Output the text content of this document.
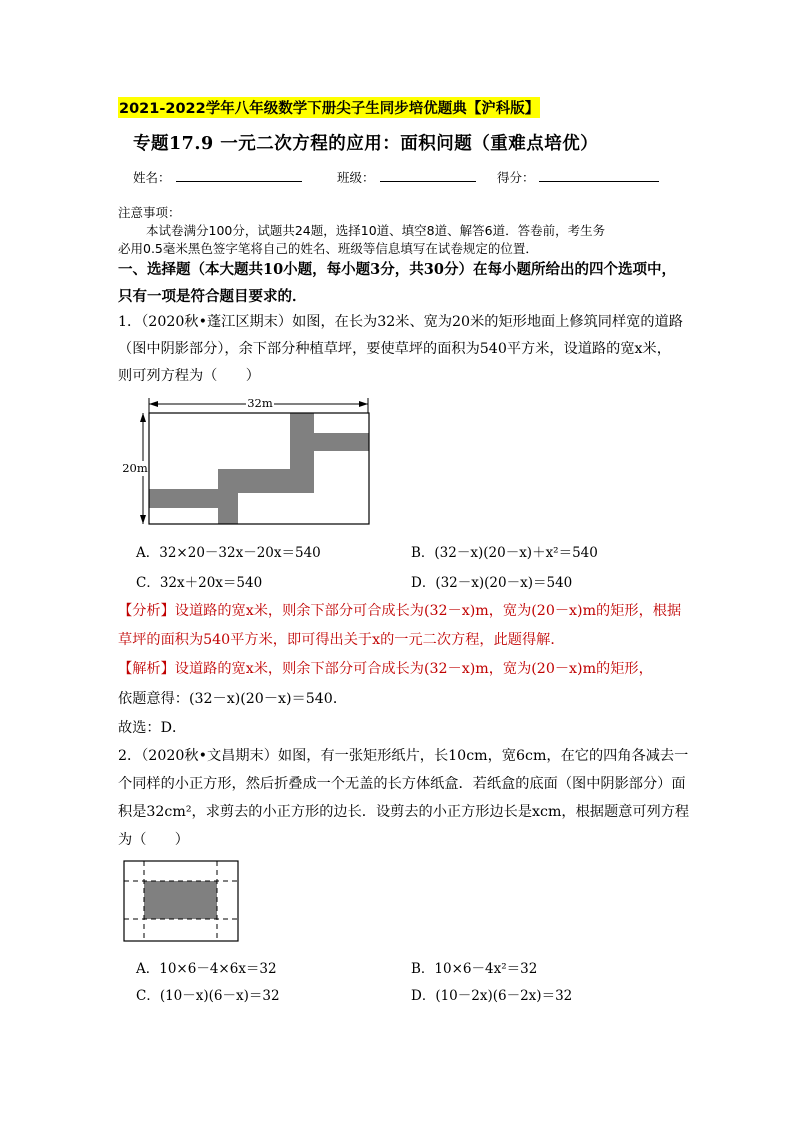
2021-2022学年八年级数学下册尖子生同步培优题典【沪科版】
专题17.9 一元二次方程的应用：面积问题（重难点培优）
姓名：	班级：	得分：
注意事项：
本试卷满分100分，试题共24题，选择10道、填空8道、解答6道．答卷前，考生务
必用0.5毫米黑色签字笔将自己的姓名、班级等信息填写在试卷规定的位置．
一、选择题（本大题共10小题，每小题3分，共30分）在每小题所给出的四个选项中，
只有一项是符合题目要求的．
1．（2020秋•蓬江区期末）如图，在长为32米、宽为20米的矩形地面上修筑同样宽的道路
（图中阴影部分），余下部分种植草坪，要使草坪的面积为540平方米，设道路的宽x米，
则可列方程为（　　）
32m
20m
A．32×20－32x－20x＝540	B．(32－x)(20－x)＋x²＝540
C．32x＋20x＝540	D．(32－x)(20－x)＝540
【分析】设道路的宽x米，则余下部分可合成长为(32－x)m，宽为(20－x)m的矩形，根据
草坪的面积为540平方米，即可得出关于x的一元二次方程，此题得解．
【解析】设道路的宽x米，则余下部分可合成长为(32－x)m，宽为(20－x)m的矩形，
依题意得：(32－x)(20－x)＝540．
故选：D．
2．（2020秋•文昌期末）如图，有一张矩形纸片，长10cm，宽6cm，在它的四角各减去一
个同样的小正方形，然后折叠成一个无盖的长方体纸盒．若纸盒的底面（图中阴影部分）面
积是32cm²，求剪去的小正方形的边长．设剪去的小正方形边长是xcm，根据题意可列方程
为（　　）
A．10×6－4×6x＝32	B．10×6－4x²＝32
C．(10－x)(6－x)＝32	D．(10－2x)(6－2x)＝32
